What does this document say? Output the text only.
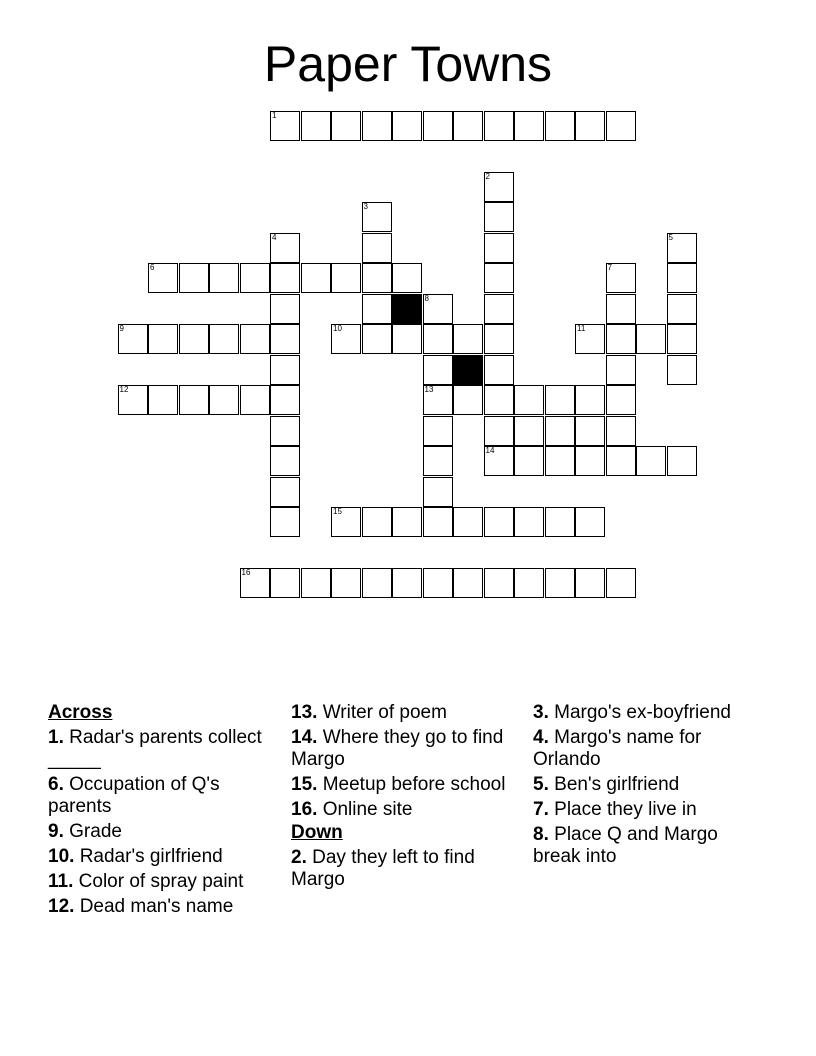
Paper Towns
1
2
3
4	5
6	7
8
9	10	11
12	13
14
15
16
Across
1. Radar's parents collect _____
6. Occupation of Q's parents
9. Grade
10. Radar's girlfriend
11. Color of spray paint
12. Dead man's name
13. Writer of poem
14. Where they go to find Margo
15. Meetup before school
16. Online site
Down
2. Day they left to find Margo
3. Margo's ex-boyfriend
4. Margo's name for Orlando
5. Ben's girlfriend
7. Place they live in
8. Place Q and Margo break into
